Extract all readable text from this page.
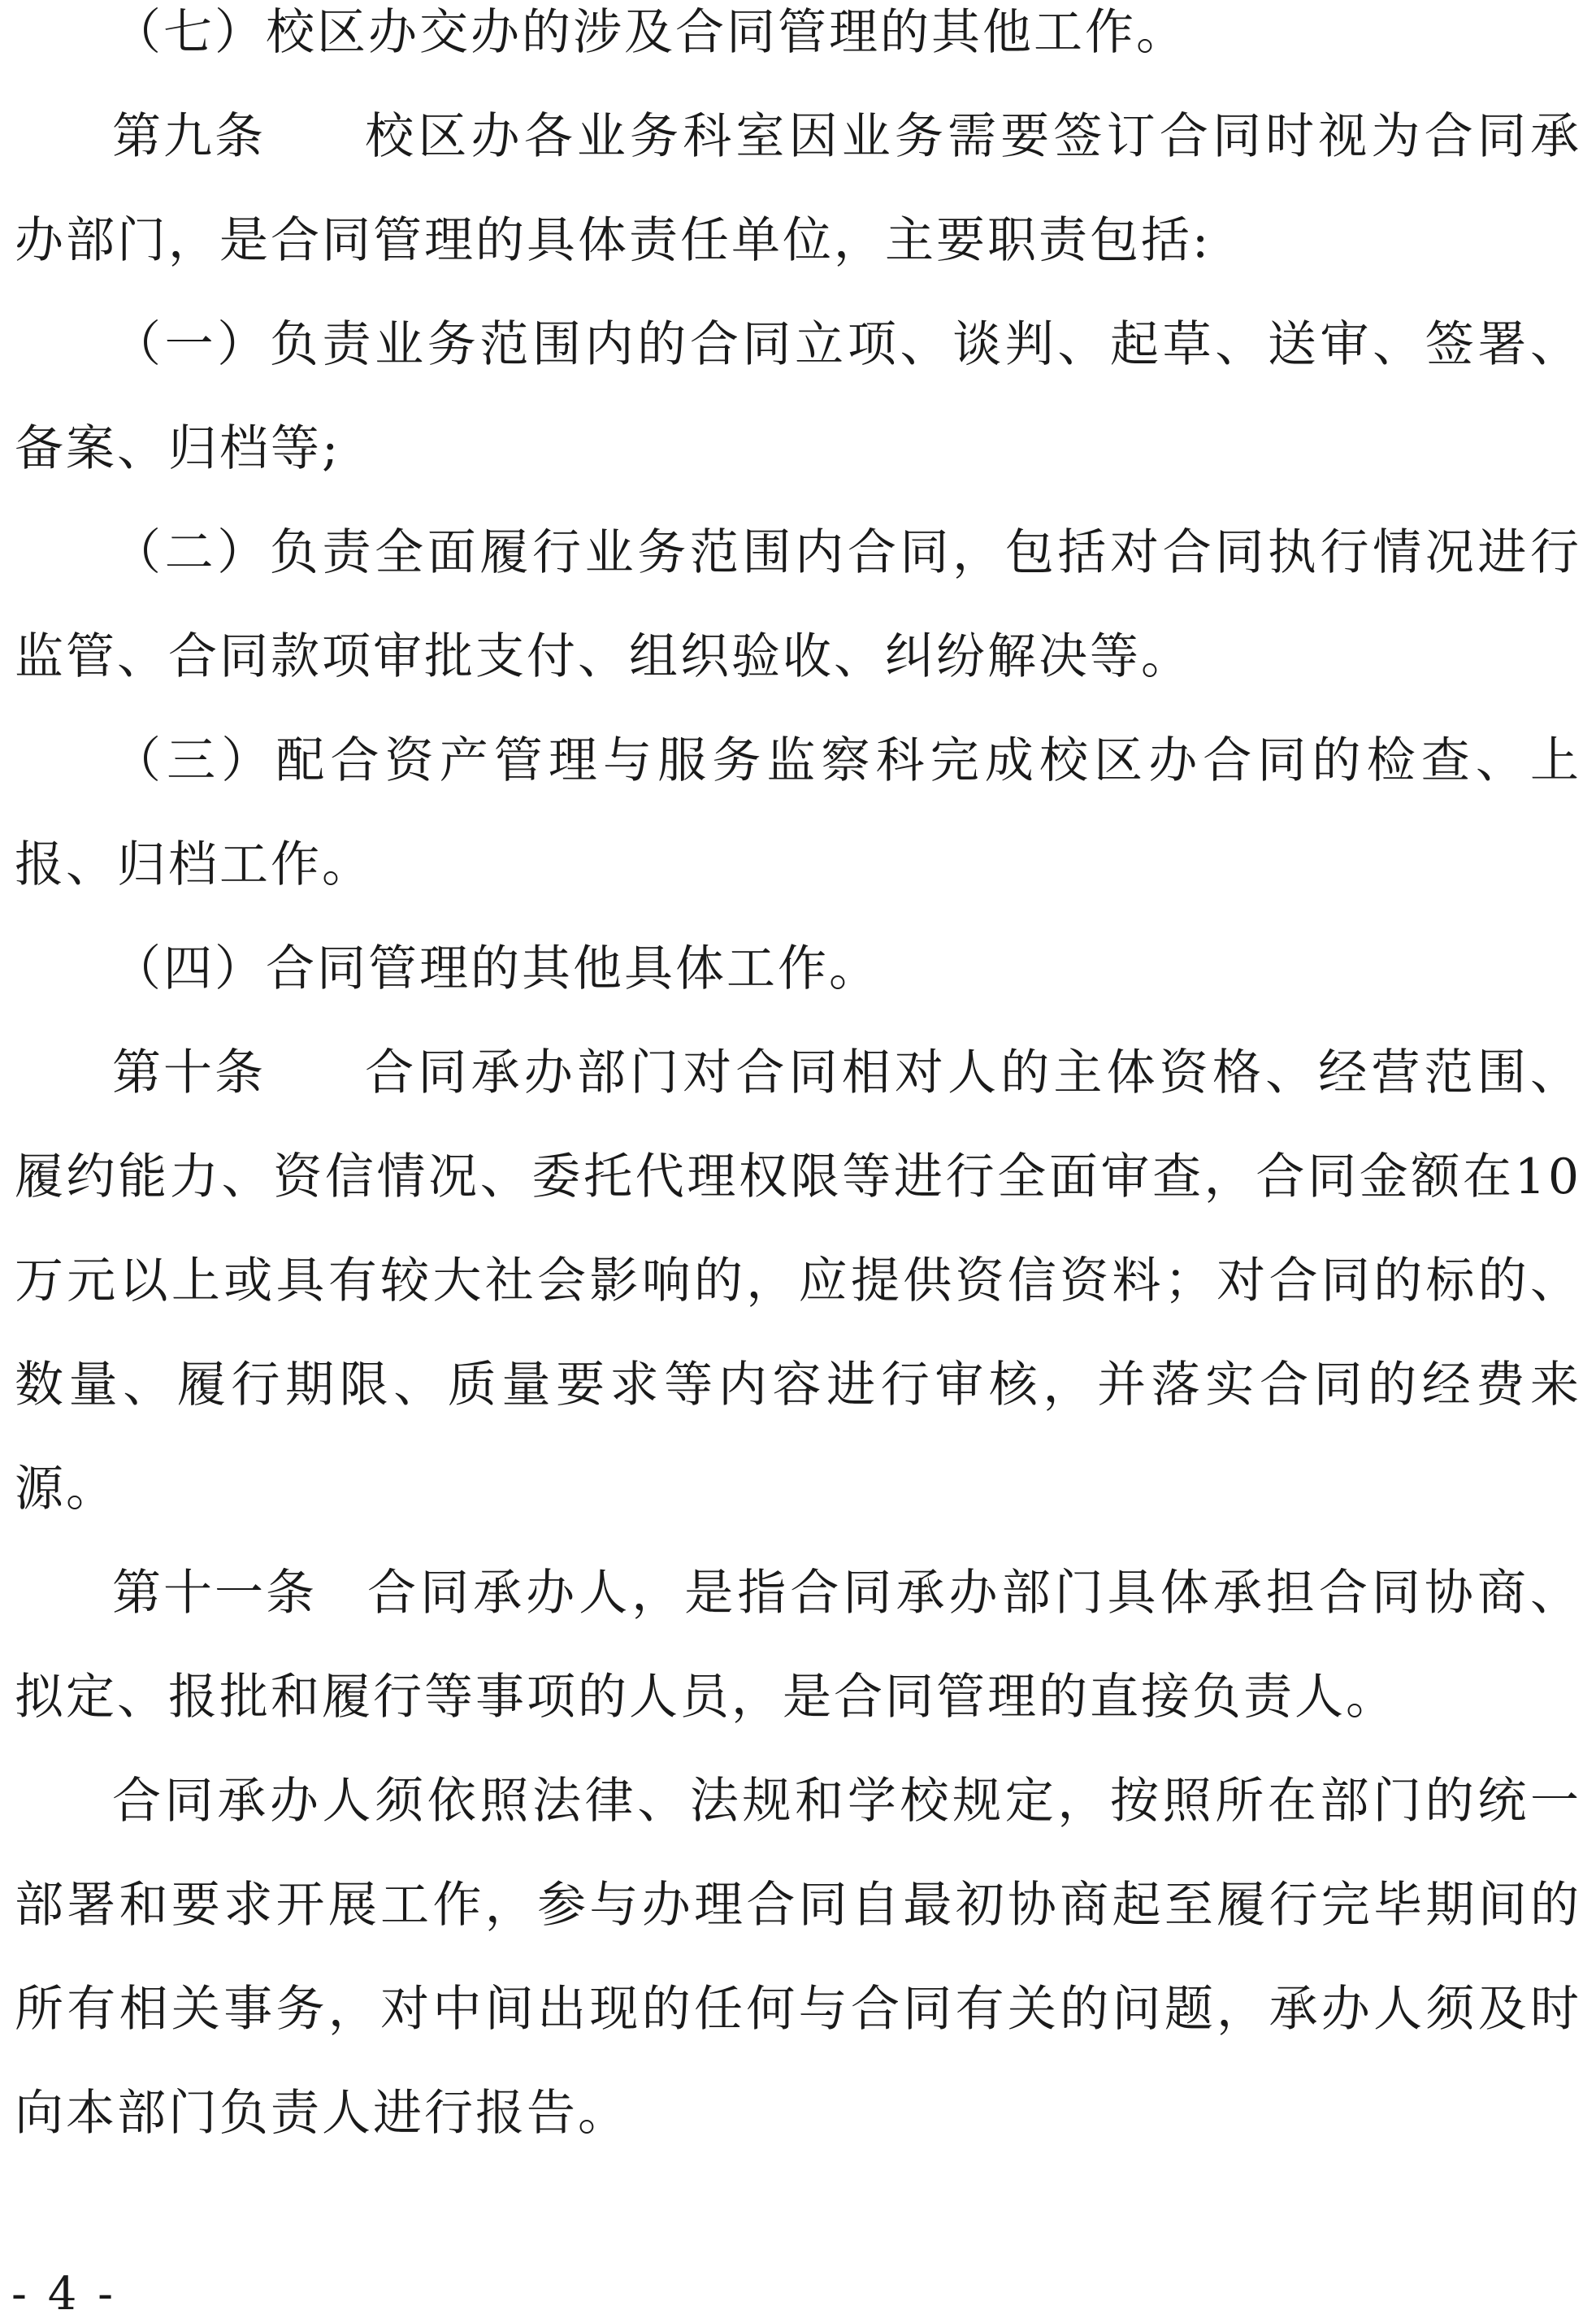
（七）校区办交办的涉及合同管理的其他工作。

第九条 校区办各业务科室因业务需要签订合同时视为合同承办部门，是合同管理的具体责任单位，主要职责包括:

（一）负责业务范围内的合同立项、谈判、起草、送审、签署、备案、归档等;

（二）负责全面履行业务范围内合同，包括对合同执行情况进行监管、合同款项审批支付、组织验收、纠纷解决等。

（三）配合资产管理与服务监察科完成校区办合同的检查、上报、归档工作。

（四）合同管理的其他具体工作。

第十条 合同承办部门对合同相对人的主体资格、经营范围、履约能力、资信情况、委托代理权限等进行全面审查，合同金额在10万元以上或具有较大社会影响的，应提供资信资料；对合同的标的、数量、履行期限、质量要求等内容进行审核，并落实合同的经费来源。

第十一条 合同承办人，是指合同承办部门具体承担合同协商、拟定、报批和履行等事项的人员，是合同管理的直接负责人。

合同承办人须依照法律、法规和学校规定，按照所在部门的统一部署和要求开展工作，参与办理合同自最初协商起至履行完毕期间的所有相关事务，对中间出现的任何与合同有关的问题，承办人须及时向本部门负责人进行报告。

- 4 -
